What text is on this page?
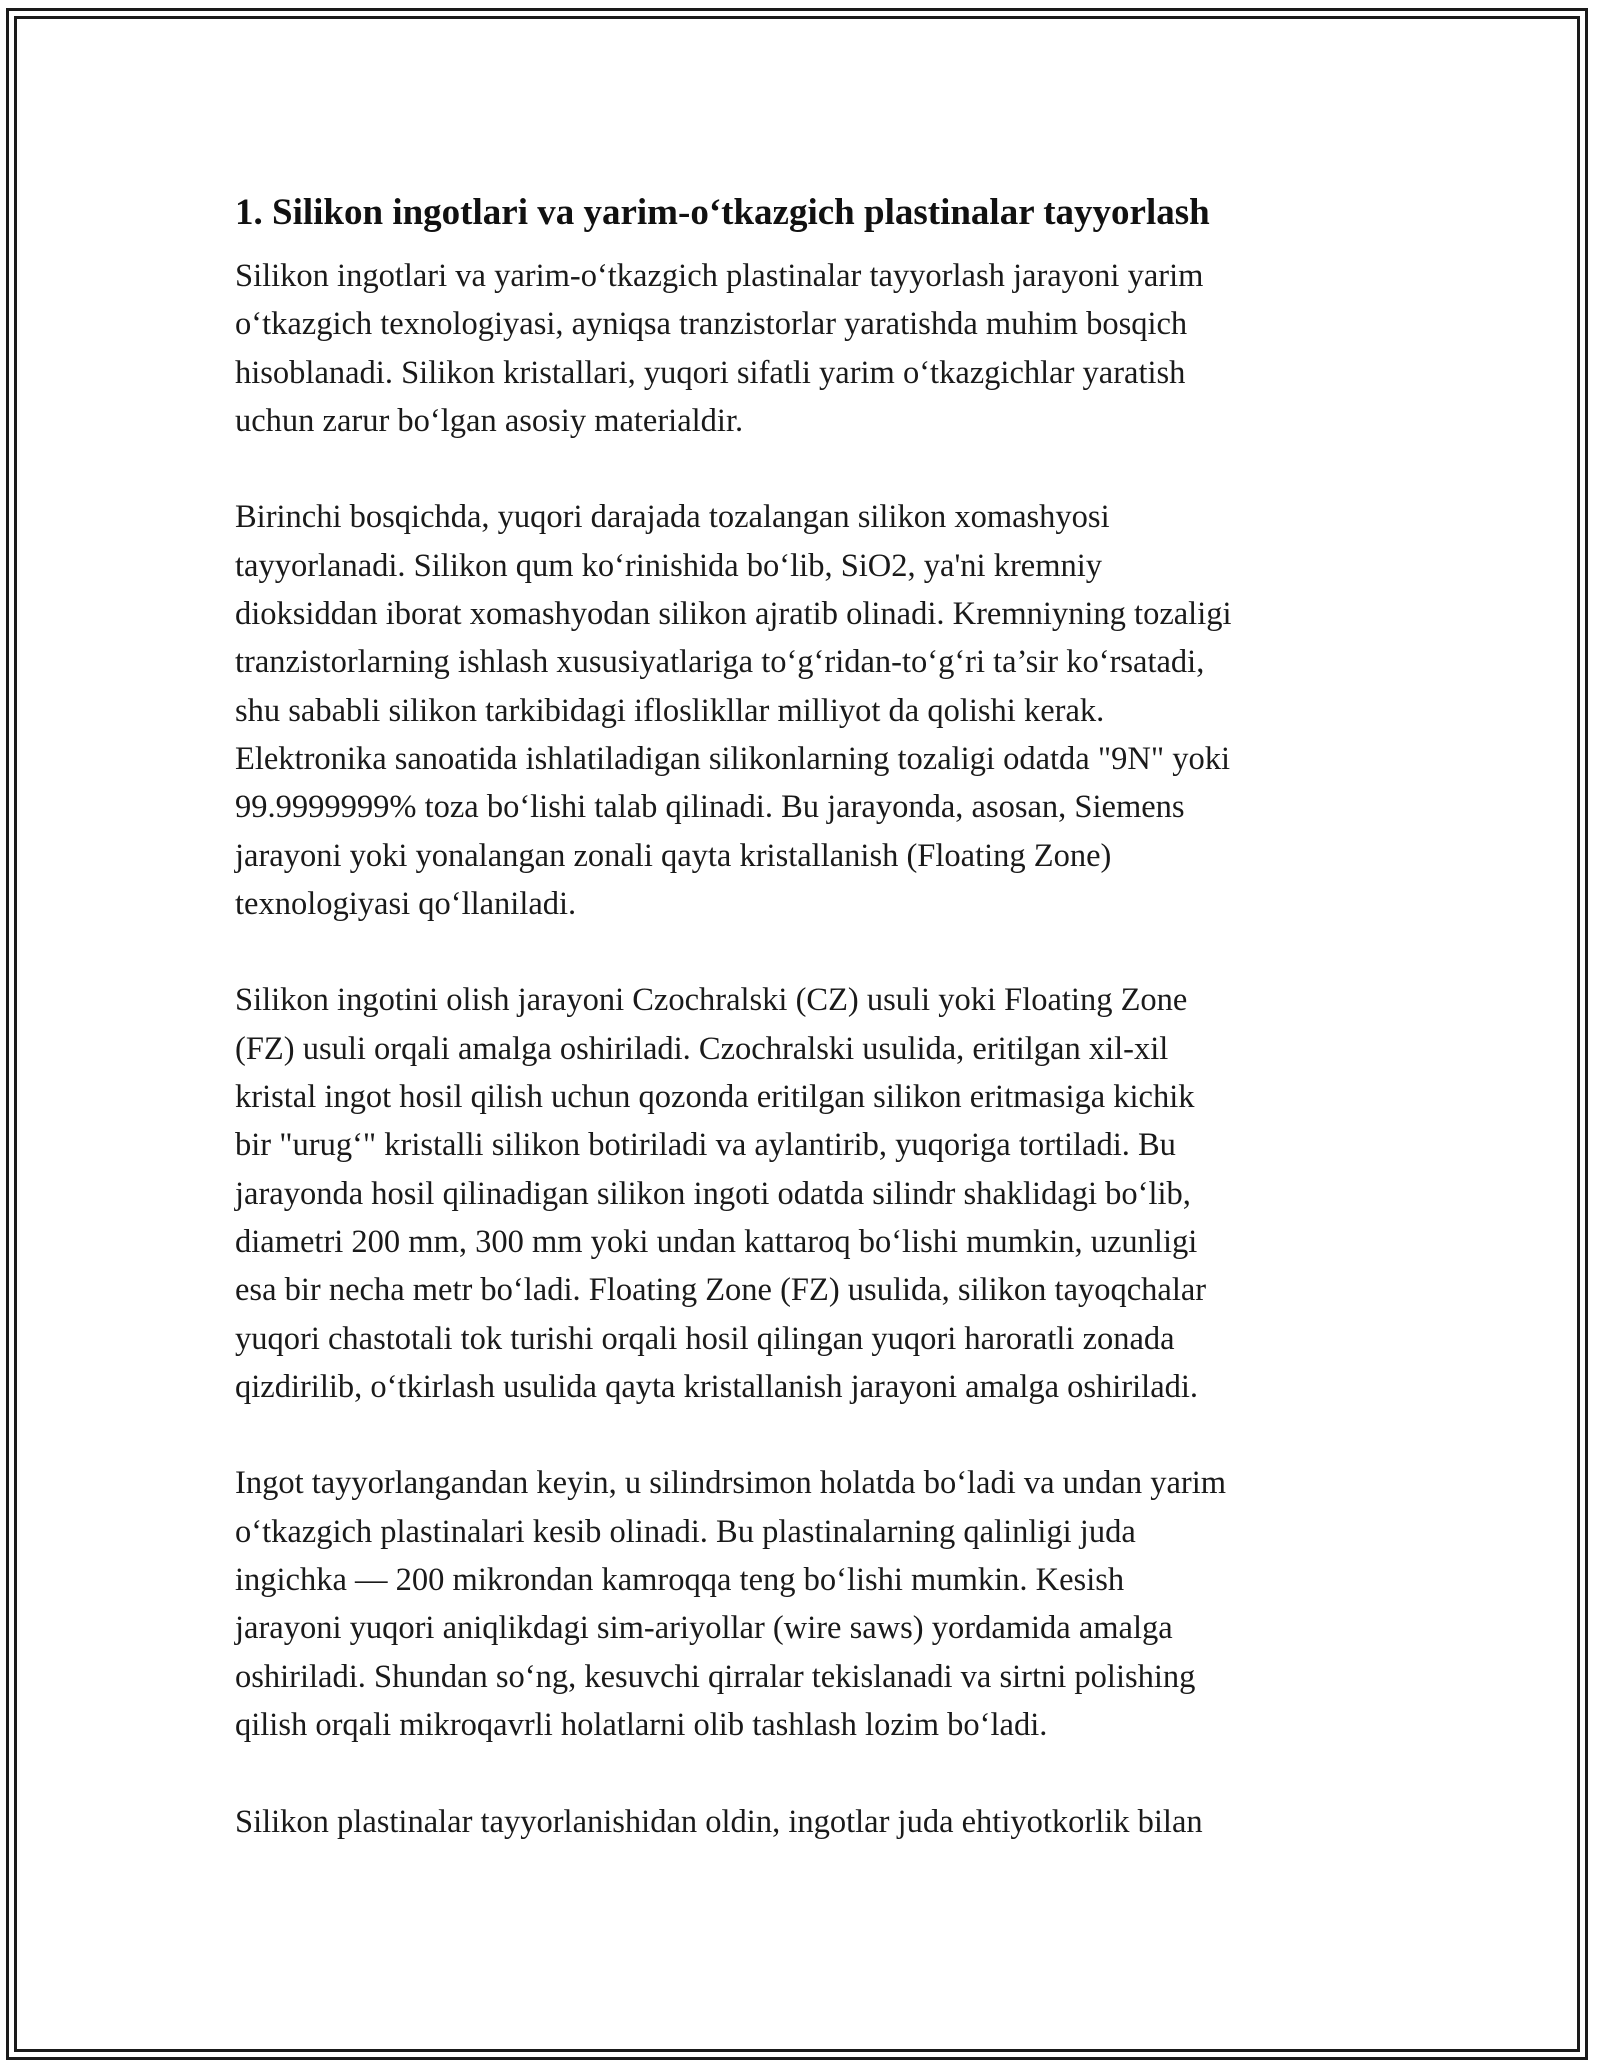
1. Silikon ingotlari va yarim-o‘tkazgich plastinalar tayyorlash

Silikon ingotlari va yarim-o‘tkazgich plastinalar tayyorlash jarayoni yarim
o‘tkazgich texnologiyasi, ayniqsa tranzistorlar yaratishda muhim bosqich
hisoblanadi. Silikon kristallari, yuqori sifatli yarim o‘tkazgichlar yaratish
uchun zarur bo‘lgan asosiy materialdir.

Birinchi bosqichda, yuqori darajada tozalangan silikon xomashyosi
tayyorlanadi. Silikon qum ko‘rinishida bo‘lib, SiO2, ya'ni kremniy
dioksiddan iborat xomashyodan silikon ajratib olinadi. Kremniyning tozaligi
tranzistorlarning ishlash xususiyatlariga to‘g‘ridan-to‘g‘ri ta’sir ko‘rsatadi,
shu sababli silikon tarkibidagi ifloslikllar milliyot da qolishi kerak.
Elektronika sanoatida ishlatiladigan silikonlarning tozaligi odatda "9N" yoki
99.9999999% toza bo‘lishi talab qilinadi. Bu jarayonda, asosan, Siemens
jarayoni yoki yonalangan zonali qayta kristallanish (Floating Zone)
texnologiyasi qo‘llaniladi.

Silikon ingotini olish jarayoni Czochralski (CZ) usuli yoki Floating Zone
(FZ) usuli orqali amalga oshiriladi. Czochralski usulida, eritilgan xil-xil
kristal ingot hosil qilish uchun qozonda eritilgan silikon eritmasiga kichik
bir "urug‘" kristalli silikon botiriladi va aylantirib, yuqoriga tortiladi. Bu
jarayonda hosil qilinadigan silikon ingoti odatda silindr shaklidagi bo‘lib,
diametri 200 mm, 300 mm yoki undan kattaroq bo‘lishi mumkin, uzunligi
esa bir necha metr bo‘ladi. Floating Zone (FZ) usulida, silikon tayoqchalar
yuqori chastotali tok turishi orqali hosil qilingan yuqori haroratli zonada
qizdirilib, o‘tkirlash usulida qayta kristallanish jarayoni amalga oshiriladi.

Ingot tayyorlangandan keyin, u silindrsimon holatda bo‘ladi va undan yarim
o‘tkazgich plastinalari kesib olinadi. Bu plastinalarning qalinligi juda
ingichka — 200 mikrondan kamroqqa teng bo‘lishi mumkin. Kesish
jarayoni yuqori aniqlikdagi sim-ariyollar (wire saws) yordamida amalga
oshiriladi. Shundan so‘ng, kesuvchi qirralar tekislanadi va sirtni polishing
qilish orqali mikroqavrli holatlarni olib tashlash lozim bo‘ladi.

Silikon plastinalar tayyorlanishidan oldin, ingotlar juda ehtiyotkorlik bilan
